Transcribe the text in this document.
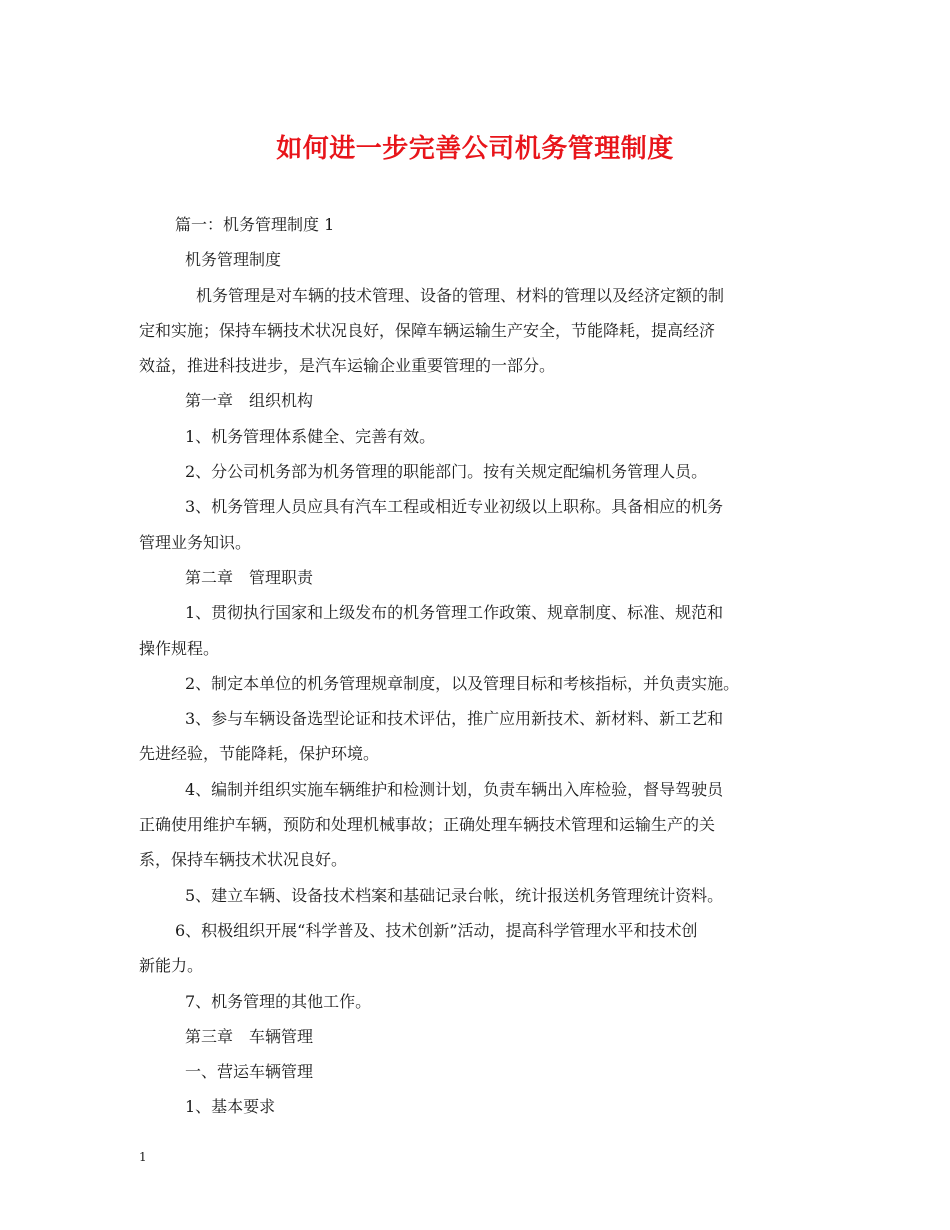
如何进一步完善公司机务管理制度
篇一：机务管理制度 1
机务管理制度
机务管理是对车辆的技术管理、设备的管理、材料的管理以及经济定额的制
定和实施；保持车辆技术状况良好，保障车辆运输生产安全，节能降耗，提高经济
效益，推进科技进步，是汽车运输企业重要管理的一部分。
第一章　组织机构
1、机务管理体系健全、完善有效。
2、分公司机务部为机务管理的职能部门。按有关规定配编机务管理人员。
3、机务管理人员应具有汽车工程或相近专业初级以上职称。具备相应的机务
管理业务知识。
第二章　管理职责
1、贯彻执行国家和上级发布的机务管理工作政策、规章制度、标准、规范和
操作规程。
2、制定本单位的机务管理规章制度，以及管理目标和考核指标，并负责实施。
3、参与车辆设备选型论证和技术评估，推广应用新技术、新材料、新工艺和
先进经验，节能降耗，保护环境。
4、编制并组织实施车辆维护和检测计划，负责车辆出入库检验，督导驾驶员
正确使用维护车辆，预防和处理机械事故；正确处理车辆技术管理和运输生产的关
系，保持车辆技术状况良好。
5、建立车辆、设备技术档案和基础记录台帐，统计报送机务管理统计资料。
6、积极组织开展“科学普及、技术创新”活动，提高科学管理水平和技术创
新能力。
7、机务管理的其他工作。
第三章　车辆管理
一、营运车辆管理
1、基本要求
1
